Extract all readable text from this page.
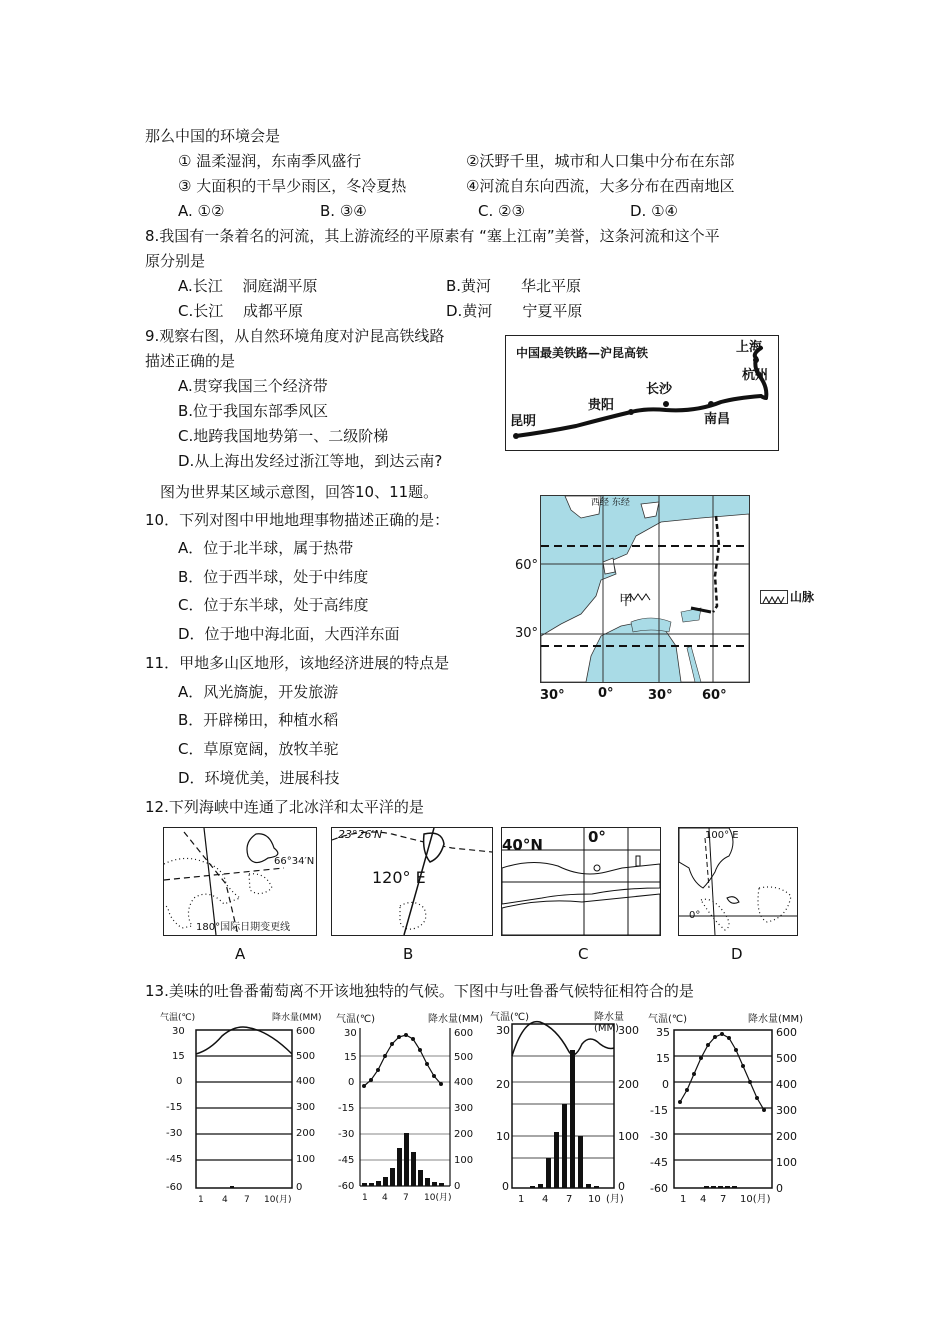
那么中国的环境会是
① 温柔湿润，东南季风盛行	②沃野千里，城市和人口集中分布在东部
③ 大面积的干旱少雨区，冬冷夏热	④河流自东向西流，大多分布在西南地区
A. ①②	B. ③④	C. ②③	D. ①④
8.我国有一条着名的河流，其上游流经的平原素有 “塞上江南”美誉，这条河流和这个平
原分别是
A.长江　 洞庭湖平原	B.黄河　　华北平原
C.长江　 成都平原	D.黄河　　宁夏平原
9.观察右图，从自然环境角度对沪昆高铁线路
描述正确的是
A.贯穿我国三个经济带
B.位于我国东部季风区
C.地跨我国地势第一、二级阶梯
D.从上海出发经过浙江等地，到达云南?
中国最美铁路—沪昆高铁	上海
杭州
长沙
南昌
贵阳
昆明
图为世界某区域示意图，回答10、11题。
10．下列对图中甲地地理事物描述正确的是：
A．位于北半球，属于热带
B．位于西半球，处于中纬度
C．位于东半球，处于高纬度
D．位于地中海北面，大西洋东面
11．甲地多山区地形，该地经济进展的特点是
A．风光旖旎，开发旅游
B．开辟梯田，种植水稻
C．草原宽阔，放牧羊驼
D．环境优美，进展科技
西经 东经
甲
60°
30°
30°	0°	30° 60°
山脉
12.下列海峡中连通了北冰洋和太平洋的是
66°34′N
180°国际日期变更线
A
23°26′N
120° E
B
40°N	0°
C
100° E
0°
D
13.美味的吐鲁番葡萄离不开该地独特的气候。下图中与吐鲁番气候特征相符合的是
气温(℃)	降水量(MM)
30
15
0
-15
-30
-45
-60
600
500
400
300
200
100
0
1 4 7 10(月)
气温(℃)	降水量(MM)
30
15
0
-15
-30
-45
-60
600
500
400
300
200
100
0
1 4 7 10(月)
气温(℃)	降水量(MM)
30
20
10
0
300
200
100
0
1 4 7 10 (月)
气温(℃)	降水量(MM)
35
15
0
-15
-30
-45
-60
600
500
400
300
200
100
0
1 4 7 10(月)
